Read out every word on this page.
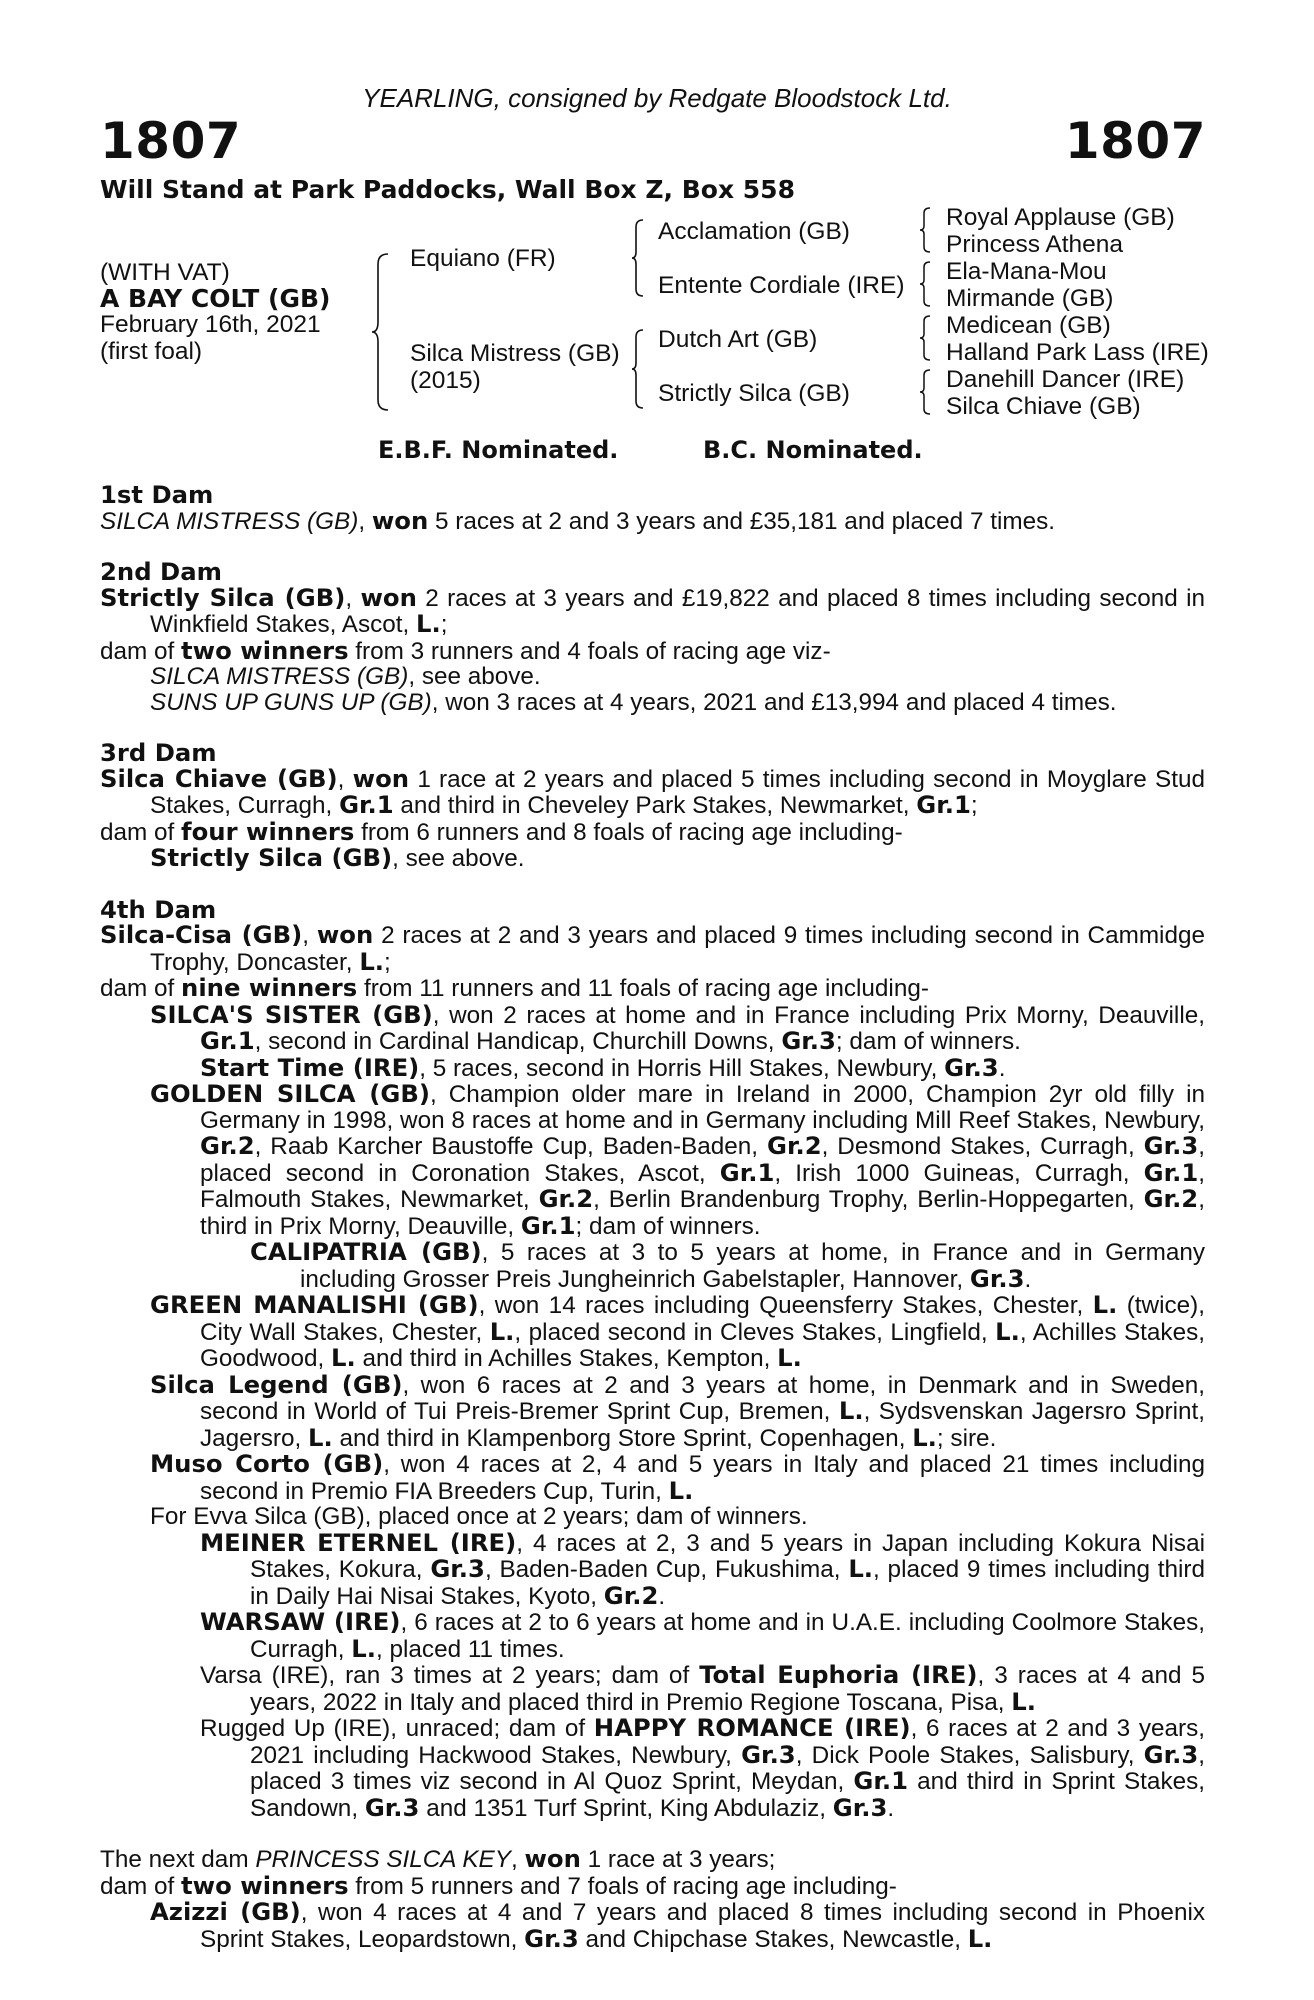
YEARLING, consigned by Redgate Bloodstock Ltd.
1807	1807
Will Stand at Park Paddocks, Wall Box Z, Box 558
(WITH VAT)
A BAY COLT (GB)
February 16th, 2021
(first foal)
Equiano (FR)
Silca Mistress (GB)
(2015)
Acclamation (GB)
Entente Cordiale (IRE)
Dutch Art (GB)
Strictly Silca (GB)
Royal Applause (GB)
Princess Athena
Ela-Mana-Mou
Mirmande (GB)
Medicean (GB)
Halland Park Lass (IRE)
Danehill Dancer (IRE)
Silca Chiave (GB)
E.B.F. Nominated.	B.C. Nominated.

1st Dam

SILCA MISTRESS (GB), won 5 races at 2 and 3 years and £35,181 and placed 7 times.

2nd Dam

Strictly Silca (GB), won 2 races at 3 years and £19,822 and placed 8 times including second in Winkfield Stakes, Ascot, L.;

dam of two winners from 3 runners and 4 foals of racing age viz-

SILCA MISTRESS (GB), see above.

SUNS UP GUNS UP (GB), won 3 races at 4 years, 2021 and £13,994 and placed 4 times.

3rd Dam

Silca Chiave (GB), won 1 race at 2 years and placed 5 times including second in Moyglare Stud Stakes, Curragh, Gr.1 and third in Cheveley Park Stakes, Newmarket, Gr.1;

dam of four winners from 6 runners and 8 foals of racing age including-

Strictly Silca (GB), see above.

4th Dam

Silca-Cisa (GB), won 2 races at 2 and 3 years and placed 9 times including second in Cammidge Trophy, Doncaster, L.;

dam of nine winners from 11 runners and 11 foals of racing age including-

SILCA'S SISTER (GB), won 2 races at home and in France including Prix Morny, Deauville, Gr.1, second in Cardinal Handicap, Churchill Downs, Gr.3; dam of winners.

Start Time (IRE), 5 races, second in Horris Hill Stakes, Newbury, Gr.3.

GOLDEN SILCA (GB), Champion older mare in Ireland in 2000, Champion 2yr old filly in Germany in 1998, won 8 races at home and in Germany including Mill Reef Stakes, Newbury, Gr.2, Raab Karcher Baustoffe Cup, Baden-Baden, Gr.2, Desmond Stakes, Curragh, Gr.3, placed second in Coronation Stakes, Ascot, Gr.1, Irish 1000 Guineas, Curragh, Gr.1, Falmouth Stakes, Newmarket, Gr.2, Berlin Brandenburg Trophy, Berlin-Hoppegarten, Gr.2, third in Prix Morny, Deauville, Gr.1; dam of winners.

CALIPATRIA (GB), 5 races at 3 to 5 years at home, in France and in Germany including Grosser Preis Jungheinrich Gabelstapler, Hannover, Gr.3.

GREEN MANALISHI (GB), won 14 races including Queensferry Stakes, Chester, L. (twice), City Wall Stakes, Chester, L., placed second in Cleves Stakes, Lingfield, L., Achilles Stakes, Goodwood, L. and third in Achilles Stakes, Kempton, L.

Silca Legend (GB), won 6 races at 2 and 3 years at home, in Denmark and in Sweden, second in World of Tui Preis-Bremer Sprint Cup, Bremen, L., Sydsvenskan Jagersro Sprint, Jagersro, L. and third in Klampenborg Store Sprint, Copenhagen, L.; sire.

Muso Corto (GB), won 4 races at 2, 4 and 5 years in Italy and placed 21 times including second in Premio FIA Breeders Cup, Turin, L.

For Evva Silca (GB), placed once at 2 years; dam of winners.

MEINER ETERNEL (IRE), 4 races at 2, 3 and 5 years in Japan including Kokura Nisai Stakes, Kokura, Gr.3, Baden-Baden Cup, Fukushima, L., placed 9 times including third in Daily Hai Nisai Stakes, Kyoto, Gr.2.

WARSAW (IRE), 6 races at 2 to 6 years at home and in U.A.E. including Coolmore Stakes, Curragh, L., placed 11 times.

Varsa (IRE), ran 3 times at 2 years; dam of Total Euphoria (IRE), 3 races at 4 and 5 years, 2022 in Italy and placed third in Premio Regione Toscana, Pisa, L.

Rugged Up (IRE), unraced; dam of HAPPY ROMANCE (IRE), 6 races at 2 and 3 years, 2021 including Hackwood Stakes, Newbury, Gr.3, Dick Poole Stakes, Salisbury, Gr.3, placed 3 times viz second in Al Quoz Sprint, Meydan, Gr.1 and third in Sprint Stakes, Sandown, Gr.3 and 1351 Turf Sprint, King Abdulaziz, Gr.3.

The next dam PRINCESS SILCA KEY, won 1 race at 3 years;

dam of two winners from 5 runners and 7 foals of racing age including-

Azizzi (GB), won 4 races at 4 and 7 years and placed 8 times including second in Phoenix Sprint Stakes, Leopardstown, Gr.3 and Chipchase Stakes, Newcastle, L.
